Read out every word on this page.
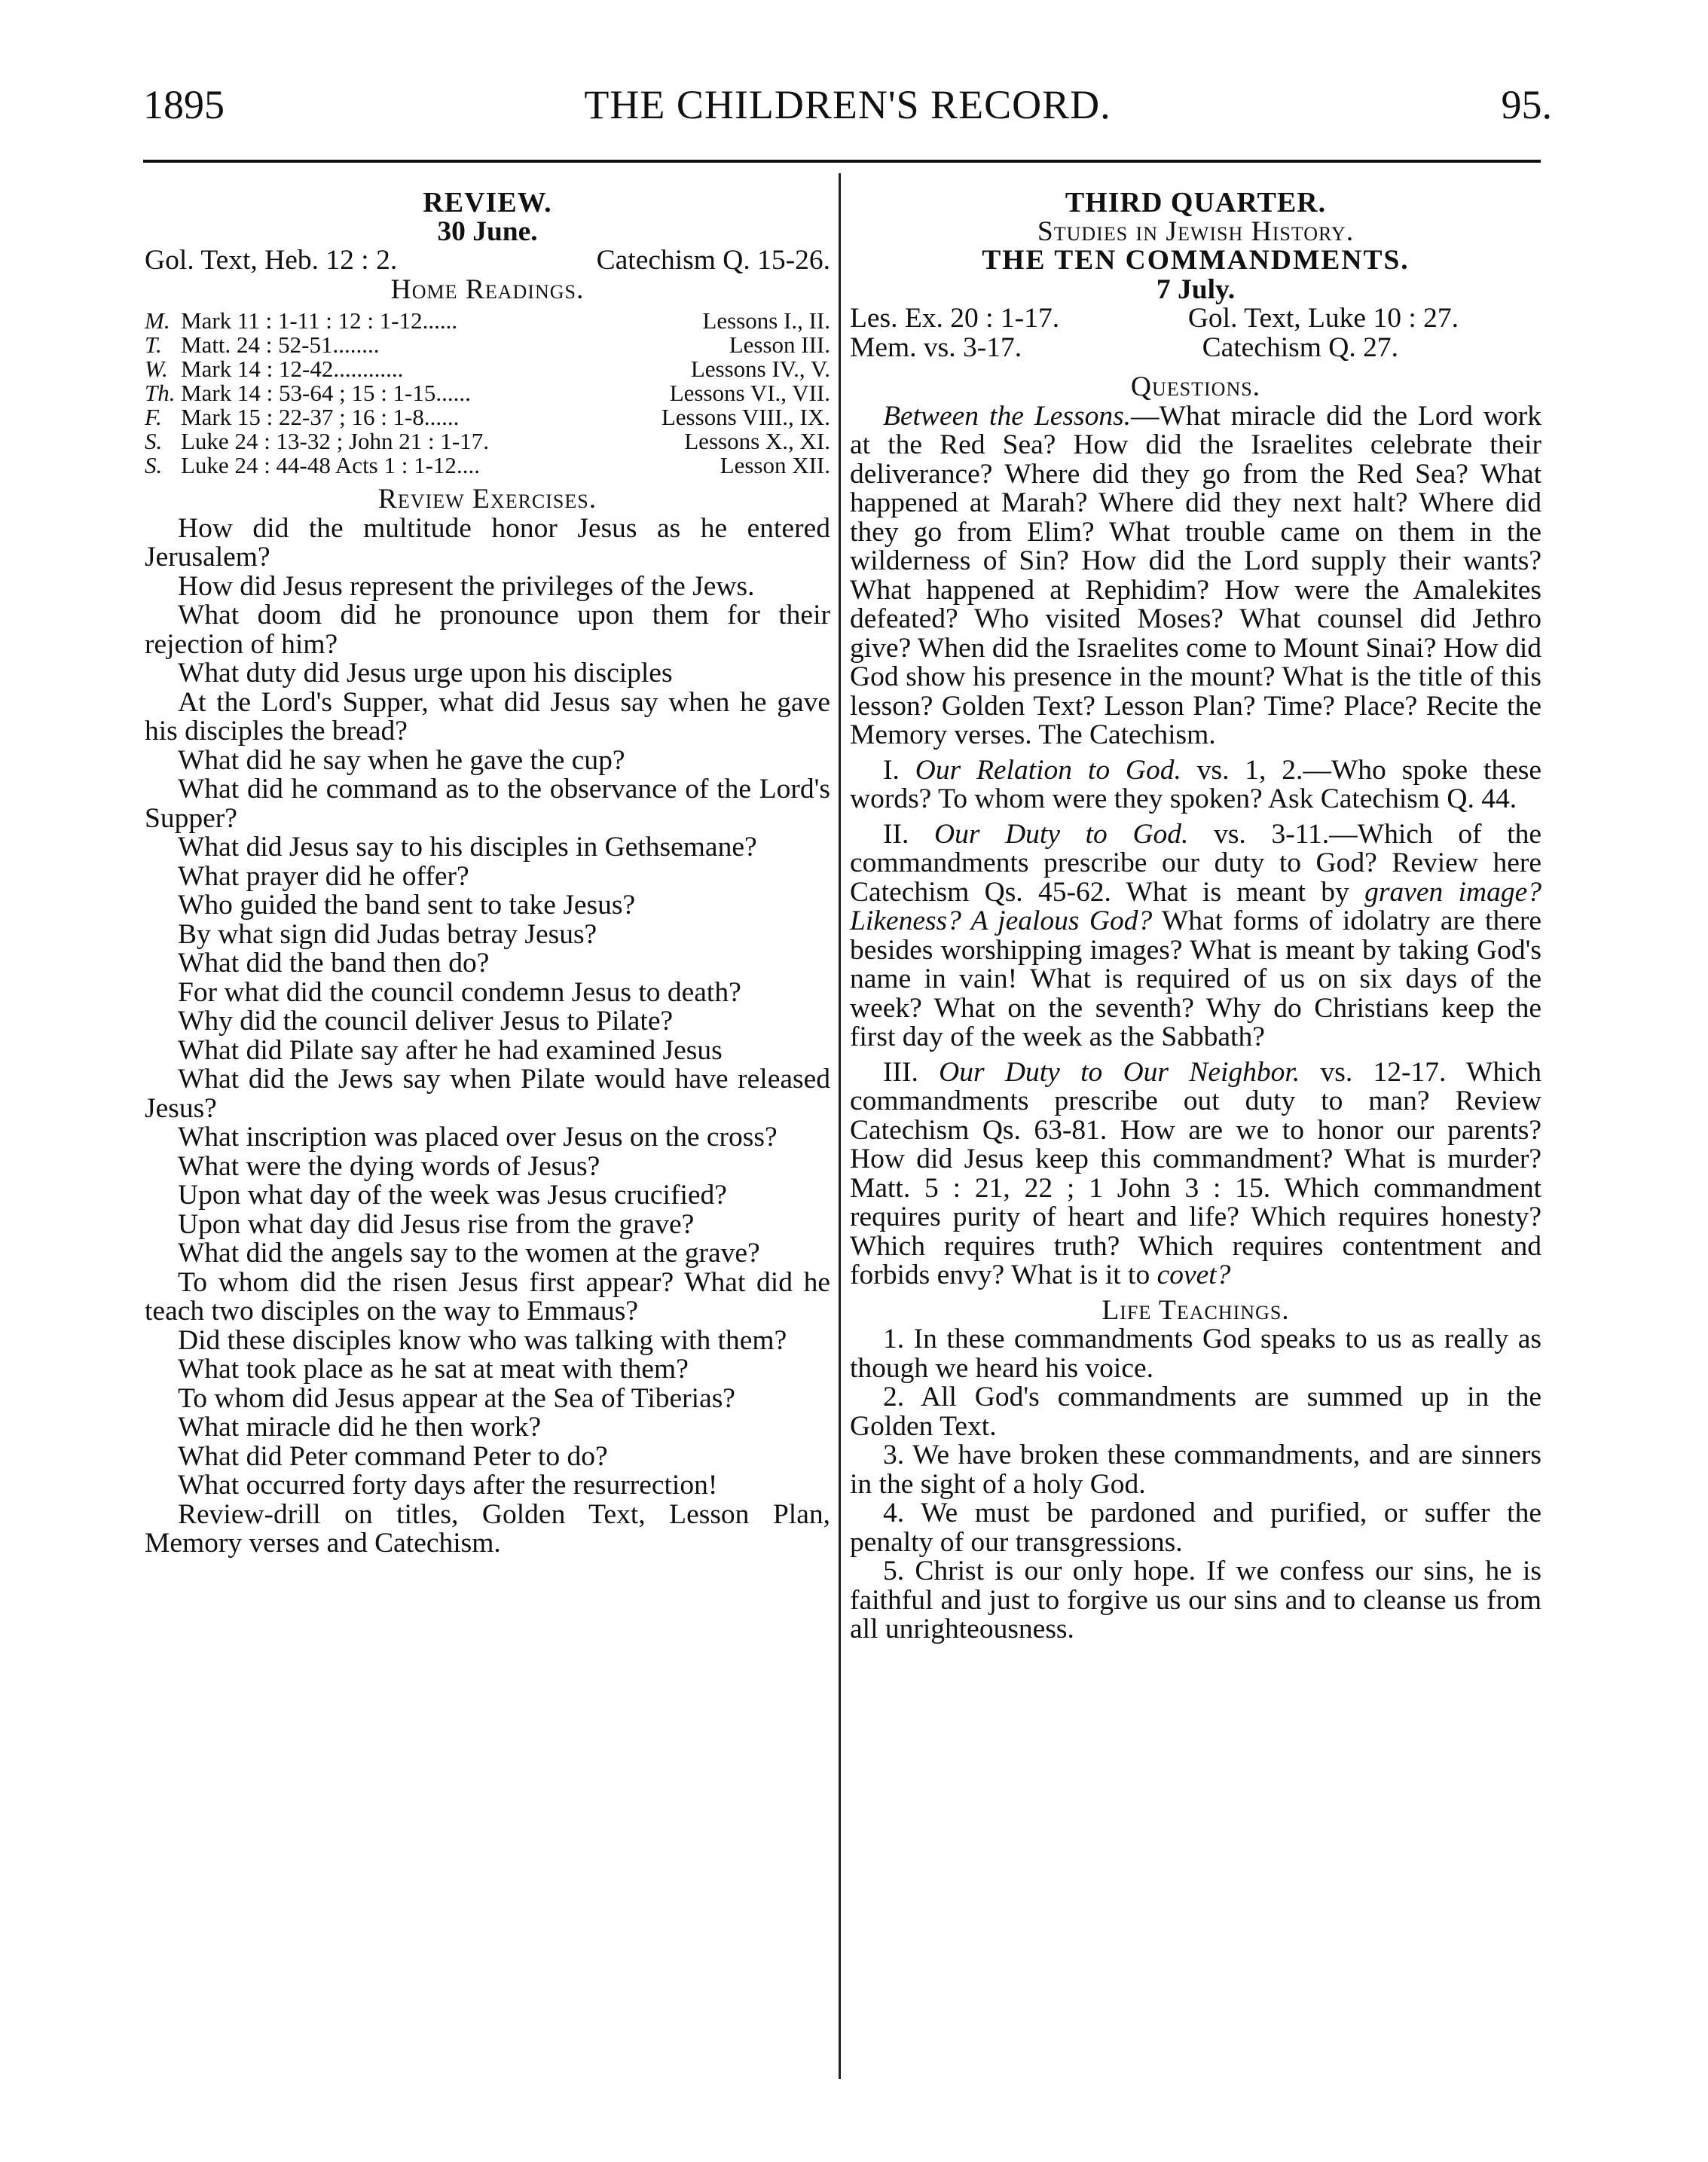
1895	THE CHILDREN'S RECORD.	95.
REVIEW.
30 June.
Gol. Text, Heb. 12 : 2.	Catechism Q. 15-26.
Home Readings.
M. Mark 11 : 1-11 : 12 : 1-12 ......	Lessons I., II.
T. Matt. 24 : 52-51 ........	Lesson III.
W. Mark 14 : 12-42 ............	Lessons IV., V.
Th. Mark 14 : 53-64 ; 15 : 1-15 ......	Lessons VI., VII.
F. Mark 15 : 22-37 ; 16 : 1-8 ......	Lessons VIII., IX.
S. Luke 24 : 13-32 ; John 21 : 1-17.	Lessons X., XI.
S. Luke 24 : 44-48 Acts 1 : 1-12 ....	Lesson XII.
Review Exercises.

How did the multitude honor Jesus as he entered Jerusalem?

How did Jesus represent the privileges of the Jews.

What doom did he pronounce upon them for their rejection of him?

What duty did Jesus urge upon his disciples

At the Lord's Supper, what did Jesus say when he gave his disciples the bread?

What did he say when he gave the cup?

What did he command as to the observance of the Lord's Supper?

What did Jesus say to his disciples in Gethsemane?

What prayer did he offer?

Who guided the band sent to take Jesus?

By what sign did Judas betray Jesus?

What did the band then do?

For what did the council condemn Jesus to death?

Why did the council deliver Jesus to Pilate?

What did Pilate say after he had examined Jesus

What did the Jews say when Pilate would have released Jesus?

What inscription was placed over Jesus on the cross?

What were the dying words of Jesus?

Upon what day of the week was Jesus crucified?

Upon what day did Jesus rise from the grave?

What did the angels say to the women at the grave?

To whom did the risen Jesus first appear? What did he teach two disciples on the way to Emmaus?

Did these disciples know who was talking with them?

What took place as he sat at meat with them?

To whom did Jesus appear at the Sea of Tiberias?

What miracle did he then work?

What did Peter command Peter to do?

What occurred forty days after the resurrection!

Review-drill on titles, Golden Text, Lesson Plan, Memory verses and Catechism.

THIRD QUARTER.
Studies in Jewish History.
THE TEN COMMANDMENTS.
7 July.
Les. Ex. 20 : 1-17.	Gol. Text, Luke 10 : 27.
Mem. vs. 3-17.	Catechism Q. 27.
Questions.

Between the Lessons.—What miracle did the Lord work at the Red Sea? How did the Israelites celebrate their deliverance? Where did they go from the Red Sea? What happened at Marah? Where did they next halt? Where did they go from Elim? What trouble came on them in the wilderness of Sin? How did the Lord supply their wants? What happened at Rephidim? How were the Amalekites defeated? Who visited Moses? What counsel did Jethro give? When did the Israelites come to Mount Sinai? How did God show his presence in the mount? What is the title of this lesson? Golden Text? Lesson Plan? Time? Place? Recite the Memory verses. The Catechism.

I. Our Relation to God. vs. 1, 2.—Who spoke these words? To whom were they spoken? Ask Catechism Q. 44.

II. Our Duty to God. vs. 3-11.—Which of the commandments prescribe our duty to God? Review here Catechism Qs. 45-62. What is meant by graven image? Likeness? A jealous God? What forms of idolatry are there besides worshipping images? What is meant by taking God's name in vain! What is required of us on six days of the week? What on the seventh? Why do Christians keep the first day of the week as the Sabbath?

III. Our Duty to Our Neighbor. vs. 12-17. Which commandments prescribe out duty to man? Review Catechism Qs. 63-81. How are we to honor our parents? How did Jesus keep this commandment? What is murder? Matt. 5 : 21, 22 ; 1 John 3 : 15. Which commandment requires purity of heart and life? Which requires honesty? Which requires truth? Which requires contentment and forbids envy? What is it to covet?

Life Teachings.

1. In these commandments God speaks to us as really as though we heard his voice.

2. All God's commandments are summed up in the Golden Text.

3. We have broken these commandments, and are sinners in the sight of a holy God.

4. We must be pardoned and purified, or suffer the penalty of our transgressions.

5. Christ is our only hope. If we confess our sins, he is faithful and just to forgive us our sins and to cleanse us from all unrighteousness.
